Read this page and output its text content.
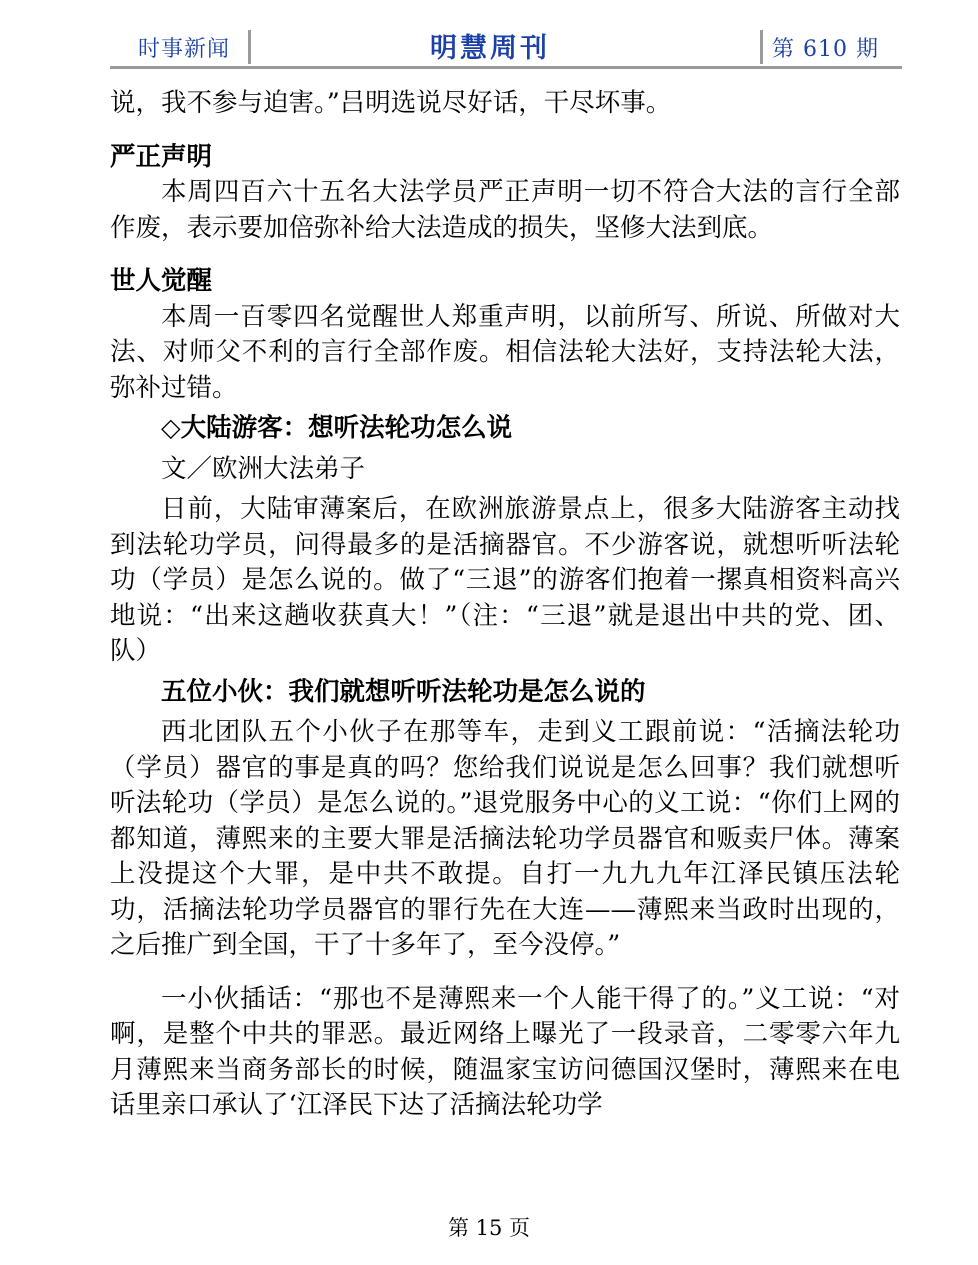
时事新闻	明慧周刊	第 610 期

说，我不参与迫害。”吕明选说尽好话，干尽坏事。

严正声明

本周四百六十五名大法学员严正声明一切不符合大法的言行全部作废，表示要加倍弥补给大法造成的损失，坚修大法到底。

世人觉醒

本周一百零四名觉醒世人郑重声明，以前所写、所说、所做对大法、对师父不利的言行全部作废。相信法轮大法好，支持法轮大法，弥补过错。

◇大陆游客：想听法轮功怎么说

文／欧洲大法弟子

日前，大陆审薄案后，在欧洲旅游景点上，很多大陆游客主动找到法轮功学员，问得最多的是活摘器官。不少游客说，就想听听法轮功（学员）是怎么说的。做了“三退”的游客们抱着一摞真相资料高兴地说：“出来这趟收获真大！”（注：“三退”就是退出中共的党、团、队）

五位小伙：我们就想听听法轮功是怎么说的

西北团队五个小伙子在那等车，走到义工跟前说：“活摘法轮功（学员）器官的事是真的吗？您给我们说说是怎么回事？我们就想听听法轮功（学员）是怎么说的。”退党服务中心的义工说：“你们上网的都知道，薄熙来的主要大罪是活摘法轮功学员器官和贩卖尸体。薄案上没提这个大罪，是中共不敢提。自打一九九九年江泽民镇压法轮功，活摘法轮功学员器官的罪行先在大连——薄熙来当政时出现的，之后推广到全国，干了十多年了，至今没停。”

一小伙插话：“那也不是薄熙来一个人能干得了的。”义工说：“对啊，是整个中共的罪恶。最近网络上曝光了一段录音，二零零六年九月薄熙来当商务部长的时候，随温家宝访问德国汉堡时，薄熙来在电话里亲口承认了‘江泽民下达了活摘法轮功学

第 15 页
